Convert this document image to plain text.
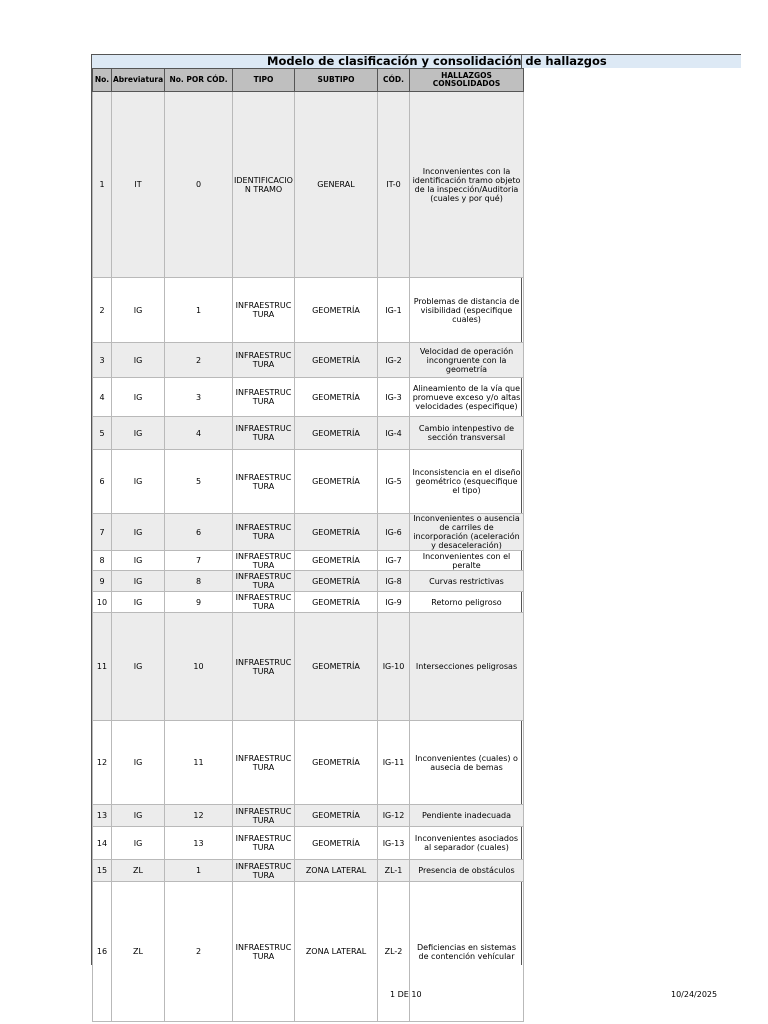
Modelo de clasificación y consolidación de hallazgos
No.	Abreviatura	No. POR CÓD.	TIPO	SUBTIPO	CÓD.	HALLAZGOS CONSOLIDADOS
1	IT	0	IDENTIFICACION TRAMO	GENERAL	IT-0	Inconvenientes con la identificación tramo objeto de la inspección/Auditoria (cuales y por qué)
2	IG	1	INFRAESTRUCTURA	GEOMETRÍA	IG-1	Problemas de distancia de visibilidad (especifique cuales)
3	IG	2	INFRAESTRUCTURA	GEOMETRÍA	IG-2	Velocidad de operación incongruente con la geometría
4	IG	3	INFRAESTRUCTURA	GEOMETRÍA	IG-3	Alineamiento de la vía que promueve exceso y/o altas velocidades (especifique)
5	IG	4	INFRAESTRUCTURA	GEOMETRÍA	IG-4	Cambio intenpestivo de sección transversal
6	IG	5	INFRAESTRUCTURA	GEOMETRÍA	IG-5	Inconsistencia en el diseño geométrico (esquecifique el tipo)
7	IG	6	INFRAESTRUCTURA	GEOMETRÍA	IG-6	Inconvenientes o ausencia de carriles de incorporación (aceleración y desaceleración)
8	IG	7	INFRAESTRUCTURA	GEOMETRÍA	IG-7	Inconvenientes con el peralte
9	IG	8	INFRAESTRUCTURA	GEOMETRÍA	IG-8	Curvas restrictivas
10	IG	9	INFRAESTRUCTURA	GEOMETRÍA	IG-9	Retorno peligroso
11	IG	10	INFRAESTRUCTURA	GEOMETRÍA	IG-10	Intersecciones peligrosas
12	IG	11	INFRAESTRUCTURA	GEOMETRÍA	IG-11	Inconvenientes (cuales) o ausecia de bemas
13	IG	12	INFRAESTRUCTURA	GEOMETRÍA	IG-12	Pendiente inadecuada
14	IG	13	INFRAESTRUCTURA	GEOMETRÍA	IG-13	Inconvenientes asociados al separador (cuales)
15	ZL	1	INFRAESTRUCTURA	ZONA LATERAL	ZL-1	Presencia de obstáculos
16	ZL	2	INFRAESTRUCTURA	ZONA LATERAL	ZL-2	Deficiencias en sistemas de contención vehícular
1 DE 10	10/24/2025
